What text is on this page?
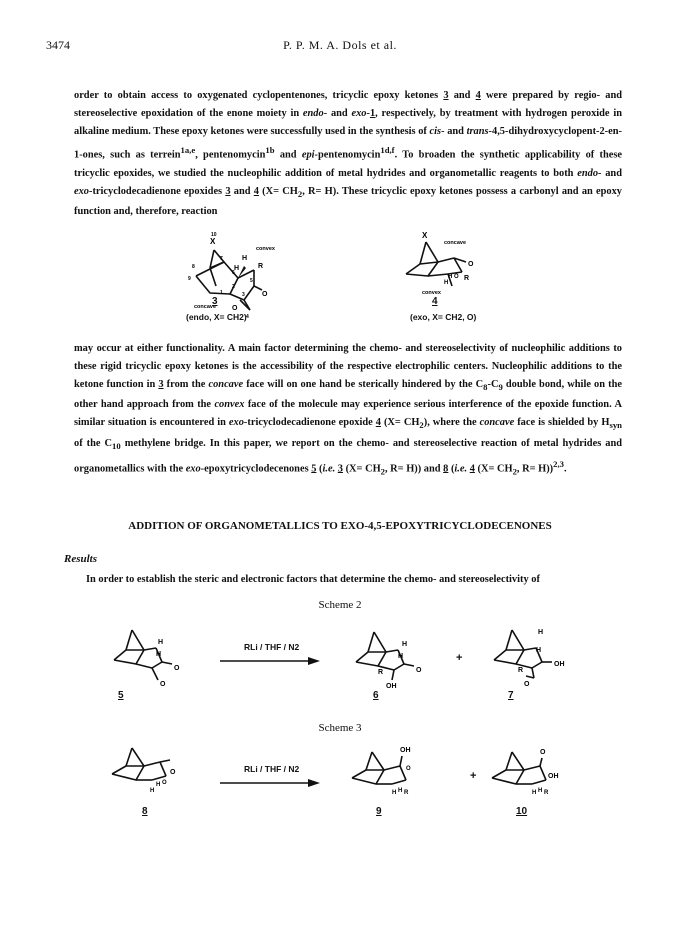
3474	P. P. M. A. Dols et al.

order to obtain access to oxygenated cyclopentenones, tricyclic epoxy ketones 3 and 4 were prepared by regio- and stereoselective epoxidation of the enone moiety in endo- and exo-1, respectively, by treatment with hydrogen peroxide in alkaline medium. These epoxy ketones were successfully used in the synthesis of cis- and trans-4,5-dihydroxycyclopent-2-en-1-ones, such as terrein$^{1a,e}$, pentenomycin$^{1b}$ and epi-pentenomycin$^{1d,f}$. To broaden the synthetic applicability of these tricyclic epoxides, we studied the nucleophilic addition of metal hydrides and organometallic reagents to both endo- and exo-tricyclodecadienone epoxides 3 and 4 ($X= CH_2$, R= H). These tricyclic epoxy ketones possess a carbonyl and an epoxy function and, therefore, reaction

X
10
7
8
9
6
1
2
5
3
4
H
H	R
O
O
convex
concave
3
(endo, X= CH2)
X
concave
H
H O
O
R
convex
4
(exo, X= CH2, O)

may occur at either functionality. A main factor determining the chemo- and stereoselectivity of nucleophilic additions to these rigid tricyclic epoxy ketones is the accessibility of the respective electrophilic centers. Nucleophilic additions to the ketone function in 3 from the concave face will on one hand be sterically hindered by the $C_8-C_9$ double bond, while on the other hand approach from the convex face of the molecule may experience serious interference of the epoxide function. A similar situation is encountered in exo-tricyclodecadienone epoxide 4 $(X= CH_2)$, where the concave face is shielded by $H_{syn}$ of the $C_{10}$ methylene bridge. In this paper, we report on the chemo- and stereoselective reaction of metal hydrides and organometallics with the exo-epoxytricyclodecenones 5 (i.e. 3 ($X= CH_2$, R= H)) and 8 (i.e. 4 ($X= CH_2$, R= H))$^{2,3}$.

ADDITION OF ORGANOMETALLICS TO EXO-4,5-EPOXYTRICYCLODECENONES
Results

In order to establish the steric and electronic factors that determine the chemo- and stereoselectivity of

Scheme 2
H
H
O
O
5
RLi / THF / N2	H
H
R	O
OH
6
+
H
H
R
OH
O
7
Scheme 3
H
H O
O
8
RLi / THF / N2
OH
O
H H R
9
+
O
OH
H H R
10
